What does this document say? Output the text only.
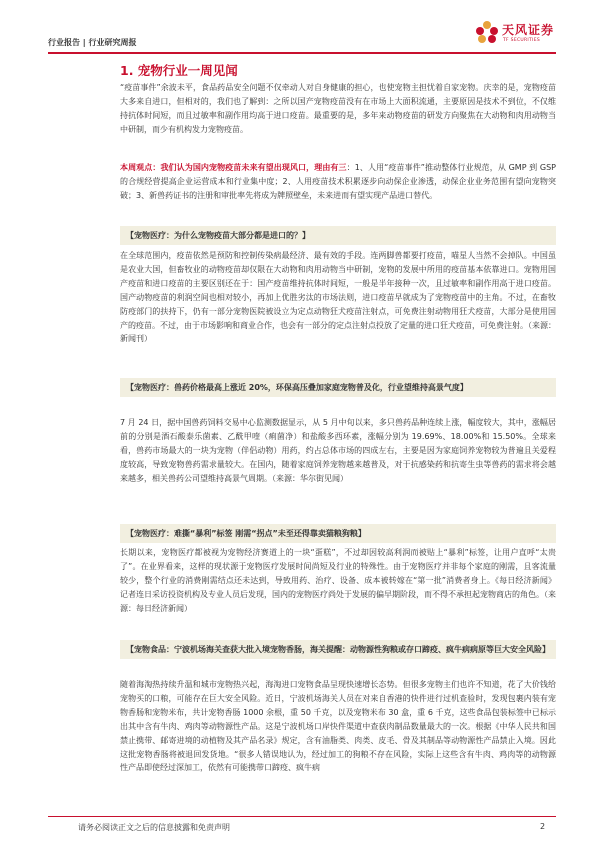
行业报告 | 行业研究周报
天风证券
TF SECURITIES
1. 宠物行业一周见闻

“疫苗事件”余波未平，食品药品安全问题不仅牵动人对自身健康的担心，也使宠物主担忧着自家宠物。庆幸的是，宠物疫苗大多来自进口，但相对的，我们也了解到：之所以国产宠物疫苗没有在市场上大面积流通，主要原因是技术不到位，不仅维持抗体时间短，而且过敏率和副作用均高于进口疫苗。最重要的是，多年来动物疫苗的研发方向聚焦在大动物和肉用动物当中研制，而少有机构发力宠物疫苗。

本周观点：我们认为国内宠物疫苗未来有望出现风口，理由有三：1、人用“疫苗事件”推动整体行业规范，从 GMP 到 GSP 的合规经营提高企业运营成本和行业集中度；2、人用疫苗技术积累逐步向动保企业渗透，动保企业业务范围有望向宠物突破；3、新兽药证书的注册和审批率先将成为牌照壁垒，未来进而有望实现产品进口替代。

【宠物医疗：为什么宠物疫苗大部分都是进口的？】

在全球范围内，疫苗依然是预防和控制传染病最经济、最有效的手段。连两脚兽都要打疫苗，喵星人当然不会掉队。中国虽是农业大国，但畜牧业的动物疫苗却仅限在大动物和肉用动物当中研制，宠物的发展中所用的疫苗基本依靠进口。宠物用国产疫苗和进口疫苗的主要区别还在于：国产疫苗维持抗体时间短，一般是半年接种一次，且过敏率和副作用高于进口疫苗。国产动物疫苗的利润空间也相对较小，再加上优胜劣汰的市场法则，进口疫苗早就成为了宠物疫苗中的主角。不过，在畜牧防疫部门的扶持下，仍有一部分宠物医院被设立为定点动物狂犬疫苗注射点，可免费注射动物用狂犬疫苗，大部分是使用国产的疫苗。不过，由于市场影响和商业合作，也会有一部分的定点注射点投放了定量的进口狂犬疫苗，可免费注射。（来源：新闻刊）

【宠物医疗：兽药价格最高上涨近 20%，环保高压叠加家庭宠物普及化，行业望维持高景气度】

7 月 24 日，据中国兽药饲料交易中心监测数据显示，从 5 月中旬以来，多只兽药品种连续上涨，幅度较大，其中，涨幅居前的分别是酒石酸泰乐菌素、乙酰甲喹（痢菌净）和盐酸多西环素，涨幅分别为 19.69%、18.00%和 15.50%。全球来看，兽药市场最大的一块为宠物（伴侣动物）用药，约占总体市场的四成左右，主要是因为家庭饲养宠物较为普遍且关爱程度较高，导致宠物兽药需求量较大。在国内，随着家庭饲养宠物越来越普及，对于抗感染药和抗寄生虫等兽药的需求将会越来越多，相关兽药公司望维持高景气周期。（来源：华尔街见闻）

【宠物医疗：难撕“暴利”标签 刚需“拐点”未至还得靠卖猫粮狗粮】

长期以来，宠物医疗都被视为宠物经济赛道上的一块“蛋糕”，不过却因较高利润而被贴上“暴利”标签，让用户直呼“太贵了”。在业界看来，这样的现状源于宠物医疗发展时间尚短及行业的特殊性。由于宠物医疗并非每个家庭的刚需，且客流量较少，整个行业的消费刚需结点还未达到，导致用药、治疗、设备、成本被转嫁在“第一批”消费者身上。《每日经济新闻》记者连日采访投资机构及专业人员后发现，国内的宠物医疗尚处于发展的偏早期阶段，而不得不承担起宠物商店的角色。（来源：每日经济新闻）

【宠物食品：宁波机场海关查获大批入境宠物香肠，海关提醒：动物源性狗粮或存口蹄疫、疯牛病病原等巨大安全风险】

随着海淘热持续升温和城市宠物热兴起，海淘进口宠物食品呈现快速增长态势。但很多宠物主们也许不知道，花了大价钱给宠物买的口粮，可能存在巨大安全风险。近日，宁波机场海关人员在对来自香港的快件进行过机查验时，发现包裹内装有宠物香肠和宠物米布，共计宠物香肠 1000 余根，重 50 千克，以及宠物米布 30 盒，重 6 千克，这些食品包装标签中已标示出其中含有牛肉、鸡肉等动物源性产品。这是宁波机场口岸快件渠道中查获肉制品数量最大的一次。根据《中华人民共和国禁止携带、邮寄进境的动植物及其产品名录》规定，含有油脂类、肉类、皮毛、骨及其制品等动物源性产品禁止入境。因此这批宠物香肠将被退回发货地。“很多人错误地认为，经过加工的狗粮不存在风险，实际上这些含有牛肉、鸡肉等的动物源性产品即使经过深加工，依然有可能携带口蹄疫、疯牛病

请务必阅读正文之后的信息披露和免责声明	2
